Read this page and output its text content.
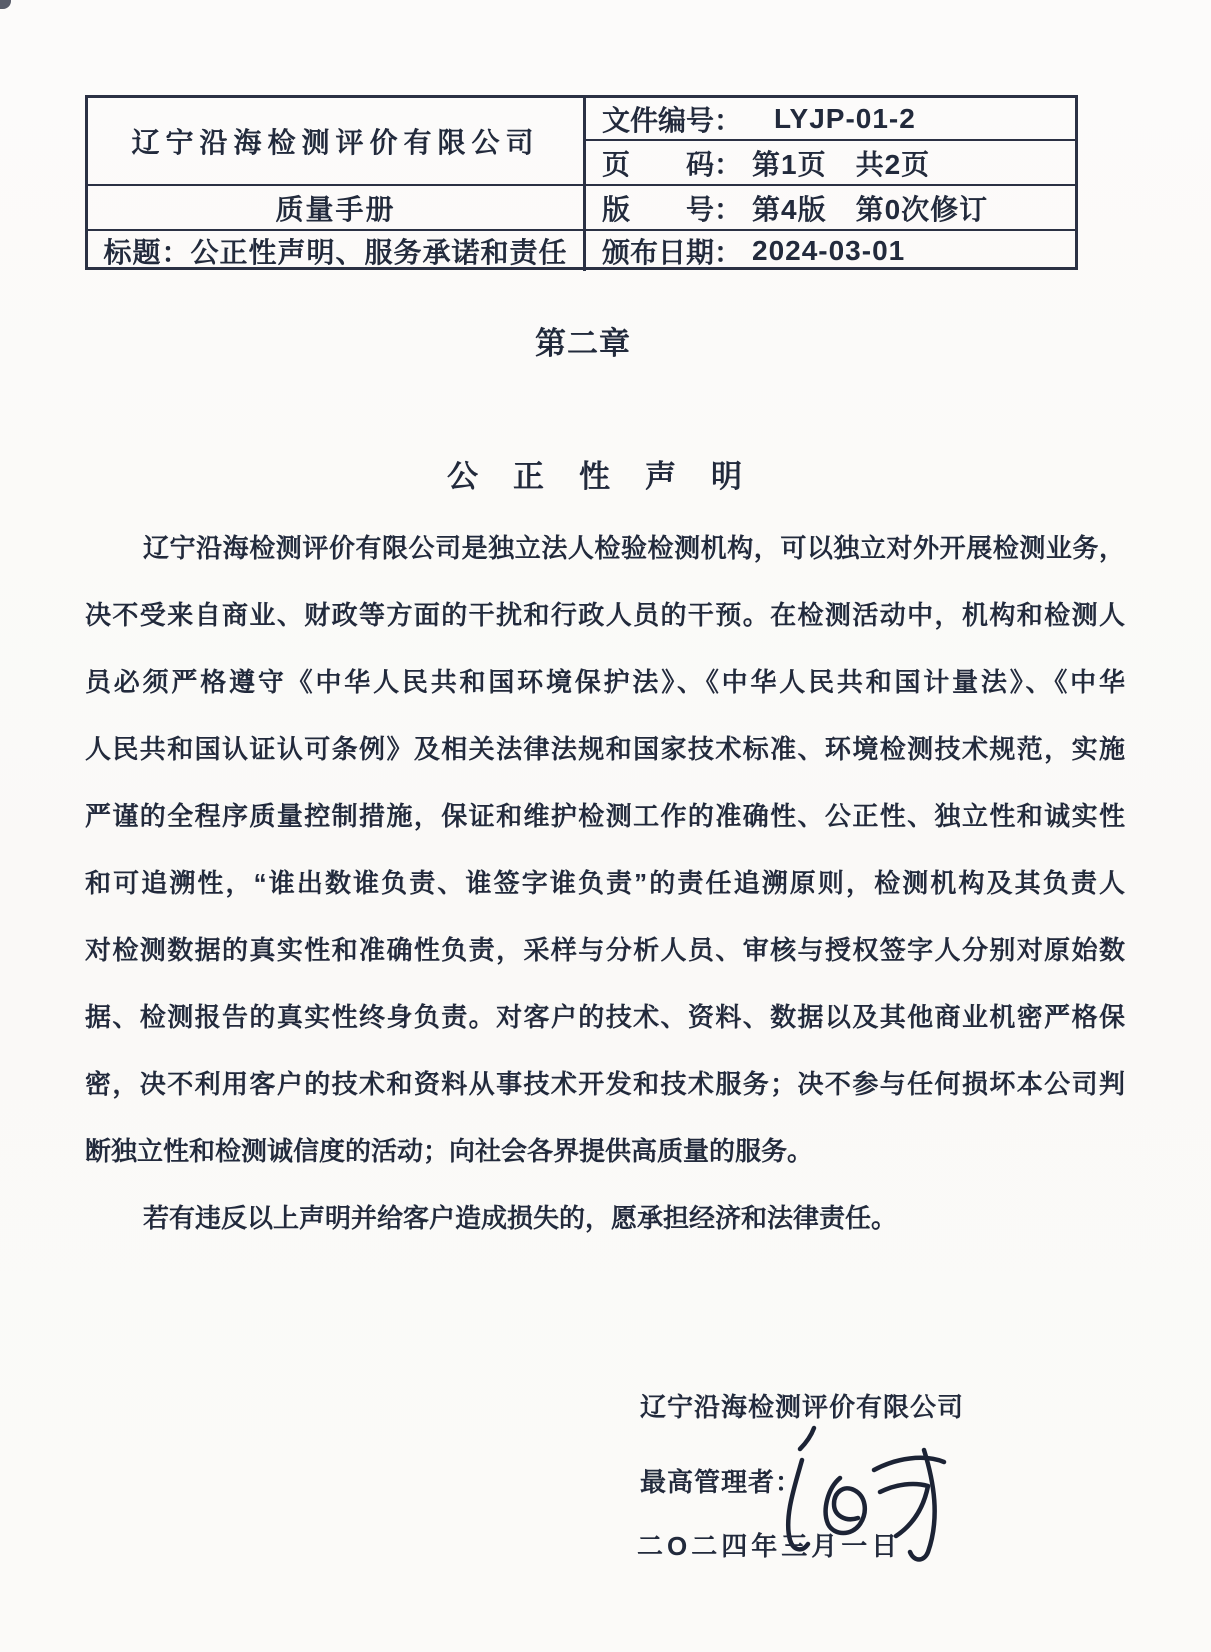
辽宁沿海检测评价有限公司
文件编号：	LYJP-01-2
页　　码： 第1页　共2页
质量手册	版　　号： 第4版　第0次修订
标题：公正性声明、服务承诺和责任 颁布日期： 2024-03-01
第二章
公正性声明
辽宁沿海检测评价有限公司是独立法人检验检测机构，可以独立对外开展检测业务，
决不受来自商业、财政等方面的干扰和行政人员的干预。在检测活动中，机构和检测人
员必须严格遵守《中华人民共和国环境保护法》、《中华人民共和国计量法》、《中华
人民共和国认证认可条例》及相关法律法规和国家技术标准、环境检测技术规范，实施
严谨的全程序质量控制措施，保证和维护检测工作的准确性、公正性、独立性和诚实性
和可追溯性，“谁出数谁负责、谁签字谁负责”的责任追溯原则，检测机构及其负责人
对检测数据的真实性和准确性负责，采样与分析人员、审核与授权签字人分别对原始数
据、检测报告的真实性终身负责。对客户的技术、资料、数据以及其他商业机密严格保
密，决不利用客户的技术和资料从事技术开发和技术服务；决不参与任何损坏本公司判
断独立性和检测诚信度的活动；向社会各界提供高质量的服务。
若有违反以上声明并给客户造成损失的，愿承担经济和法律责任。
辽宁沿海检测评价有限公司
最高管理者：
二O二四年三月一日
